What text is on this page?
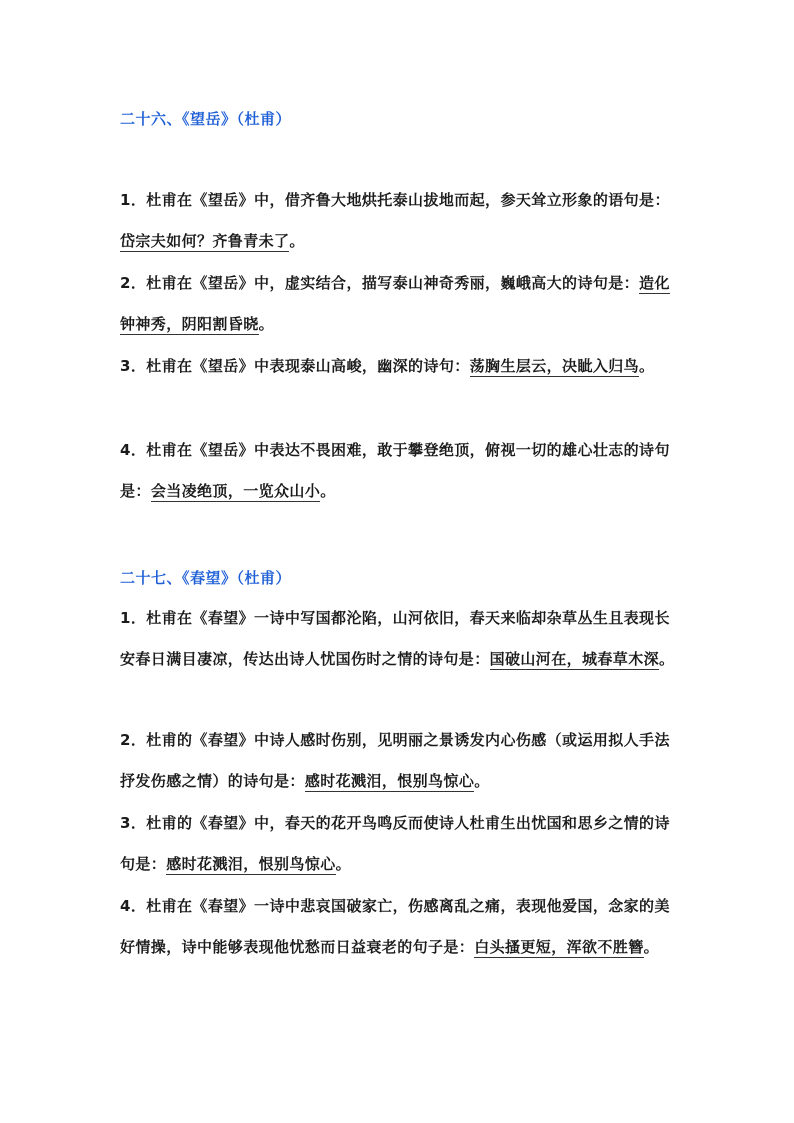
二十六、《望岳》（杜甫）

1．杜甫在《望岳》中，借齐鲁大地烘托泰山拔地而起，参天耸立形象的语句是：岱宗夫如何？齐鲁青未了。

2．杜甫在《望岳》中，虚实结合，描写泰山神奇秀丽，巍峨高大的诗句是：造化钟神秀，阴阳割昏晓。

3．杜甫在《望岳》中表现泰山高峻，幽深的诗句：荡胸生层云，决眦入归鸟。

4．杜甫在《望岳》中表达不畏困难，敢于攀登绝顶，俯视一切的雄心壮志的诗句是：会当凌绝顶，一览众山小。

二十七、《春望》（杜甫）

1．杜甫在《春望》一诗中写国都沦陷，山河依旧，春天来临却杂草丛生且表现长安春日满目凄凉，传达出诗人忧国伤时之情的诗句是：国破山河在，城春草木深。

2．杜甫的《春望》中诗人感时伤别，见明丽之景诱发内心伤感（或运用拟人手法抒发伤感之情）的诗句是：感时花溅泪，恨别鸟惊心。

3．杜甫的《春望》中，春天的花开鸟鸣反而使诗人杜甫生出忧国和思乡之情的诗句是：感时花溅泪，恨别鸟惊心。

4．杜甫在《春望》一诗中悲哀国破家亡，伤感离乱之痛，表现他爱国，念家的美好情操，诗中能够表现他忧愁而日益衰老的句子是：白头搔更短，浑欲不胜簪。
